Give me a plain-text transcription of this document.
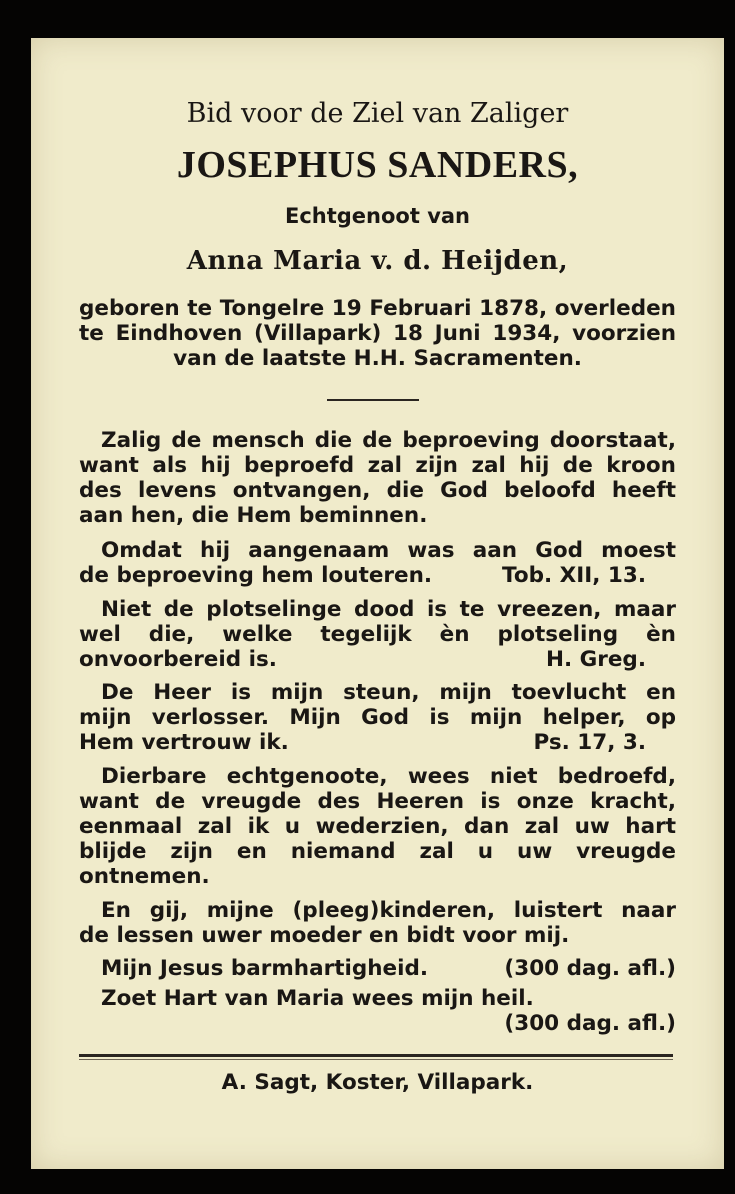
Bid voor de Ziel van Zaliger
JOSEPHUS SANDERS,
Echtgenoot van
Anna Maria v. d. Heijden,
geboren te Tongelre 19 Februari 1878, overleden
te Eindhoven (Villapark) 18 Juni 1934, voorzien
van de laatste H.H. Sacramenten.
Zalig de mensch die de beproeving doorstaat,
want als hij beproefd zal zijn zal hij de kroon
des levens ontvangen, die God beloofd heeft
aan hen, die Hem beminnen.
Omdat hij aangenaam was aan God moest
de beproeving hem louteren.	Tob. XII, 13.
Niet de plotselinge dood is te vreezen, maar
wel die, welke tegelijk èn plotseling èn
onvoorbereid is.	H. Greg.
De Heer is mijn steun, mijn toevlucht en
mijn verlosser. Mijn God is mijn helper, op
Hem vertrouw ik.	Ps. 17, 3.
Dierbare echtgenoote, wees niet bedroefd,
want de vreugde des Heeren is onze kracht,
eenmaal zal ik u wederzien, dan zal uw hart
blijde zijn en niemand zal u uw vreugde
ontnemen.
En gij, mijne (pleeg)kinderen, luistert naar
de lessen uwer moeder en bidt voor mij.
Mijn Jesus barmhartigheid.	(300 dag. afl.)
Zoet Hart van Maria wees mijn heil.
(300 dag. afl.)
A. Sagt, Koster, Villapark.
